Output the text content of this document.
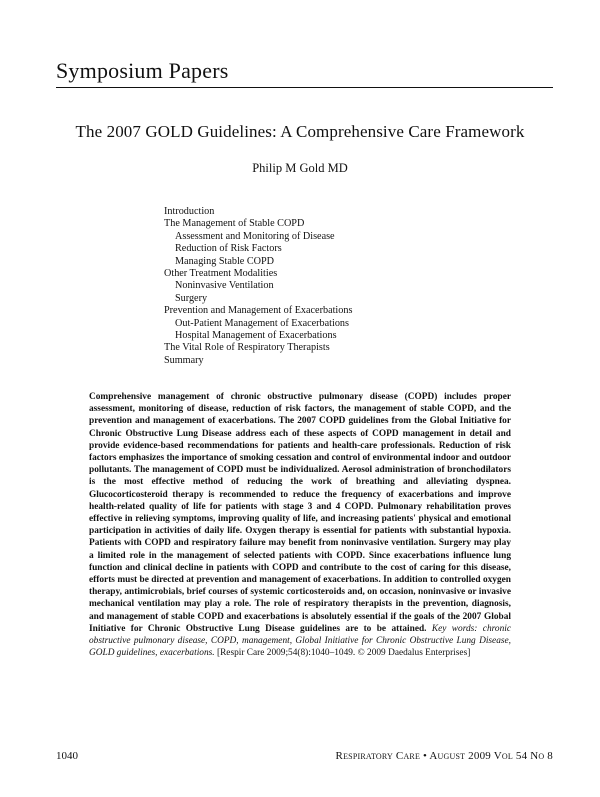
Symposium Papers
The 2007 GOLD Guidelines: A Comprehensive Care Framework
Philip M Gold MD
Introduction
The Management of Stable COPD
Assessment and Monitoring of Disease
Reduction of Risk Factors
Managing Stable COPD
Other Treatment Modalities
Noninvasive Ventilation
Surgery
Prevention and Management of Exacerbations
Out-Patient Management of Exacerbations
Hospital Management of Exacerbations
The Vital Role of Respiratory Therapists
Summary
Comprehensive management of chronic obstructive pulmonary disease (COPD) includes proper assessment, monitoring of disease, reduction of risk factors, the management of stable COPD, and the prevention and management of exacerbations. The 2007 COPD guidelines from the Global Initiative for Chronic Obstructive Lung Disease address each of these aspects of COPD management in detail and provide evidence-based recommendations for patients and health-care professionals. Reduction of risk factors emphasizes the importance of smoking cessation and control of environmental indoor and outdoor pollutants. The management of COPD must be individualized. Aerosol administration of bronchodilators is the most effective method of reducing the work of breathing and alleviating dyspnea. Glucocorticosteroid therapy is recommended to reduce the frequency of exacerbations and improve health-related quality of life for patients with stage 3 and 4 COPD. Pulmonary rehabilitation proves effective in relieving symptoms, improving quality of life, and increasing patients' physical and emotional participation in activities of daily life. Oxygen therapy is essential for patients with substantial hypoxia. Patients with COPD and respiratory failure may benefit from noninvasive ventilation. Surgery may play a limited role in the management of selected patients with COPD. Since exacerbations influence lung function and clinical decline in patients with COPD and contribute to the cost of caring for this disease, efforts must be directed at prevention and management of exacerbations. In addition to controlled oxygen therapy, antimicrobials, brief courses of systemic corticosteroids and, on occasion, noninvasive or invasive mechanical ventilation may play a role. The role of respiratory therapists in the prevention, diagnosis, and management of stable COPD and exacerbations is absolutely essential if the goals of the 2007 Global Initiative for Chronic Obstructive Lung Disease guidelines are to be attained. Key words: chronic obstructive pulmonary disease, COPD, management, Global Initiative for Chronic Obstructive Lung Disease, GOLD guidelines, exacerbations. [Respir Care 2009;54(8):1040–1049. © 2009 Daedalus Enterprises]
1040	Respiratory Care • August 2009 Vol 54 No 8
